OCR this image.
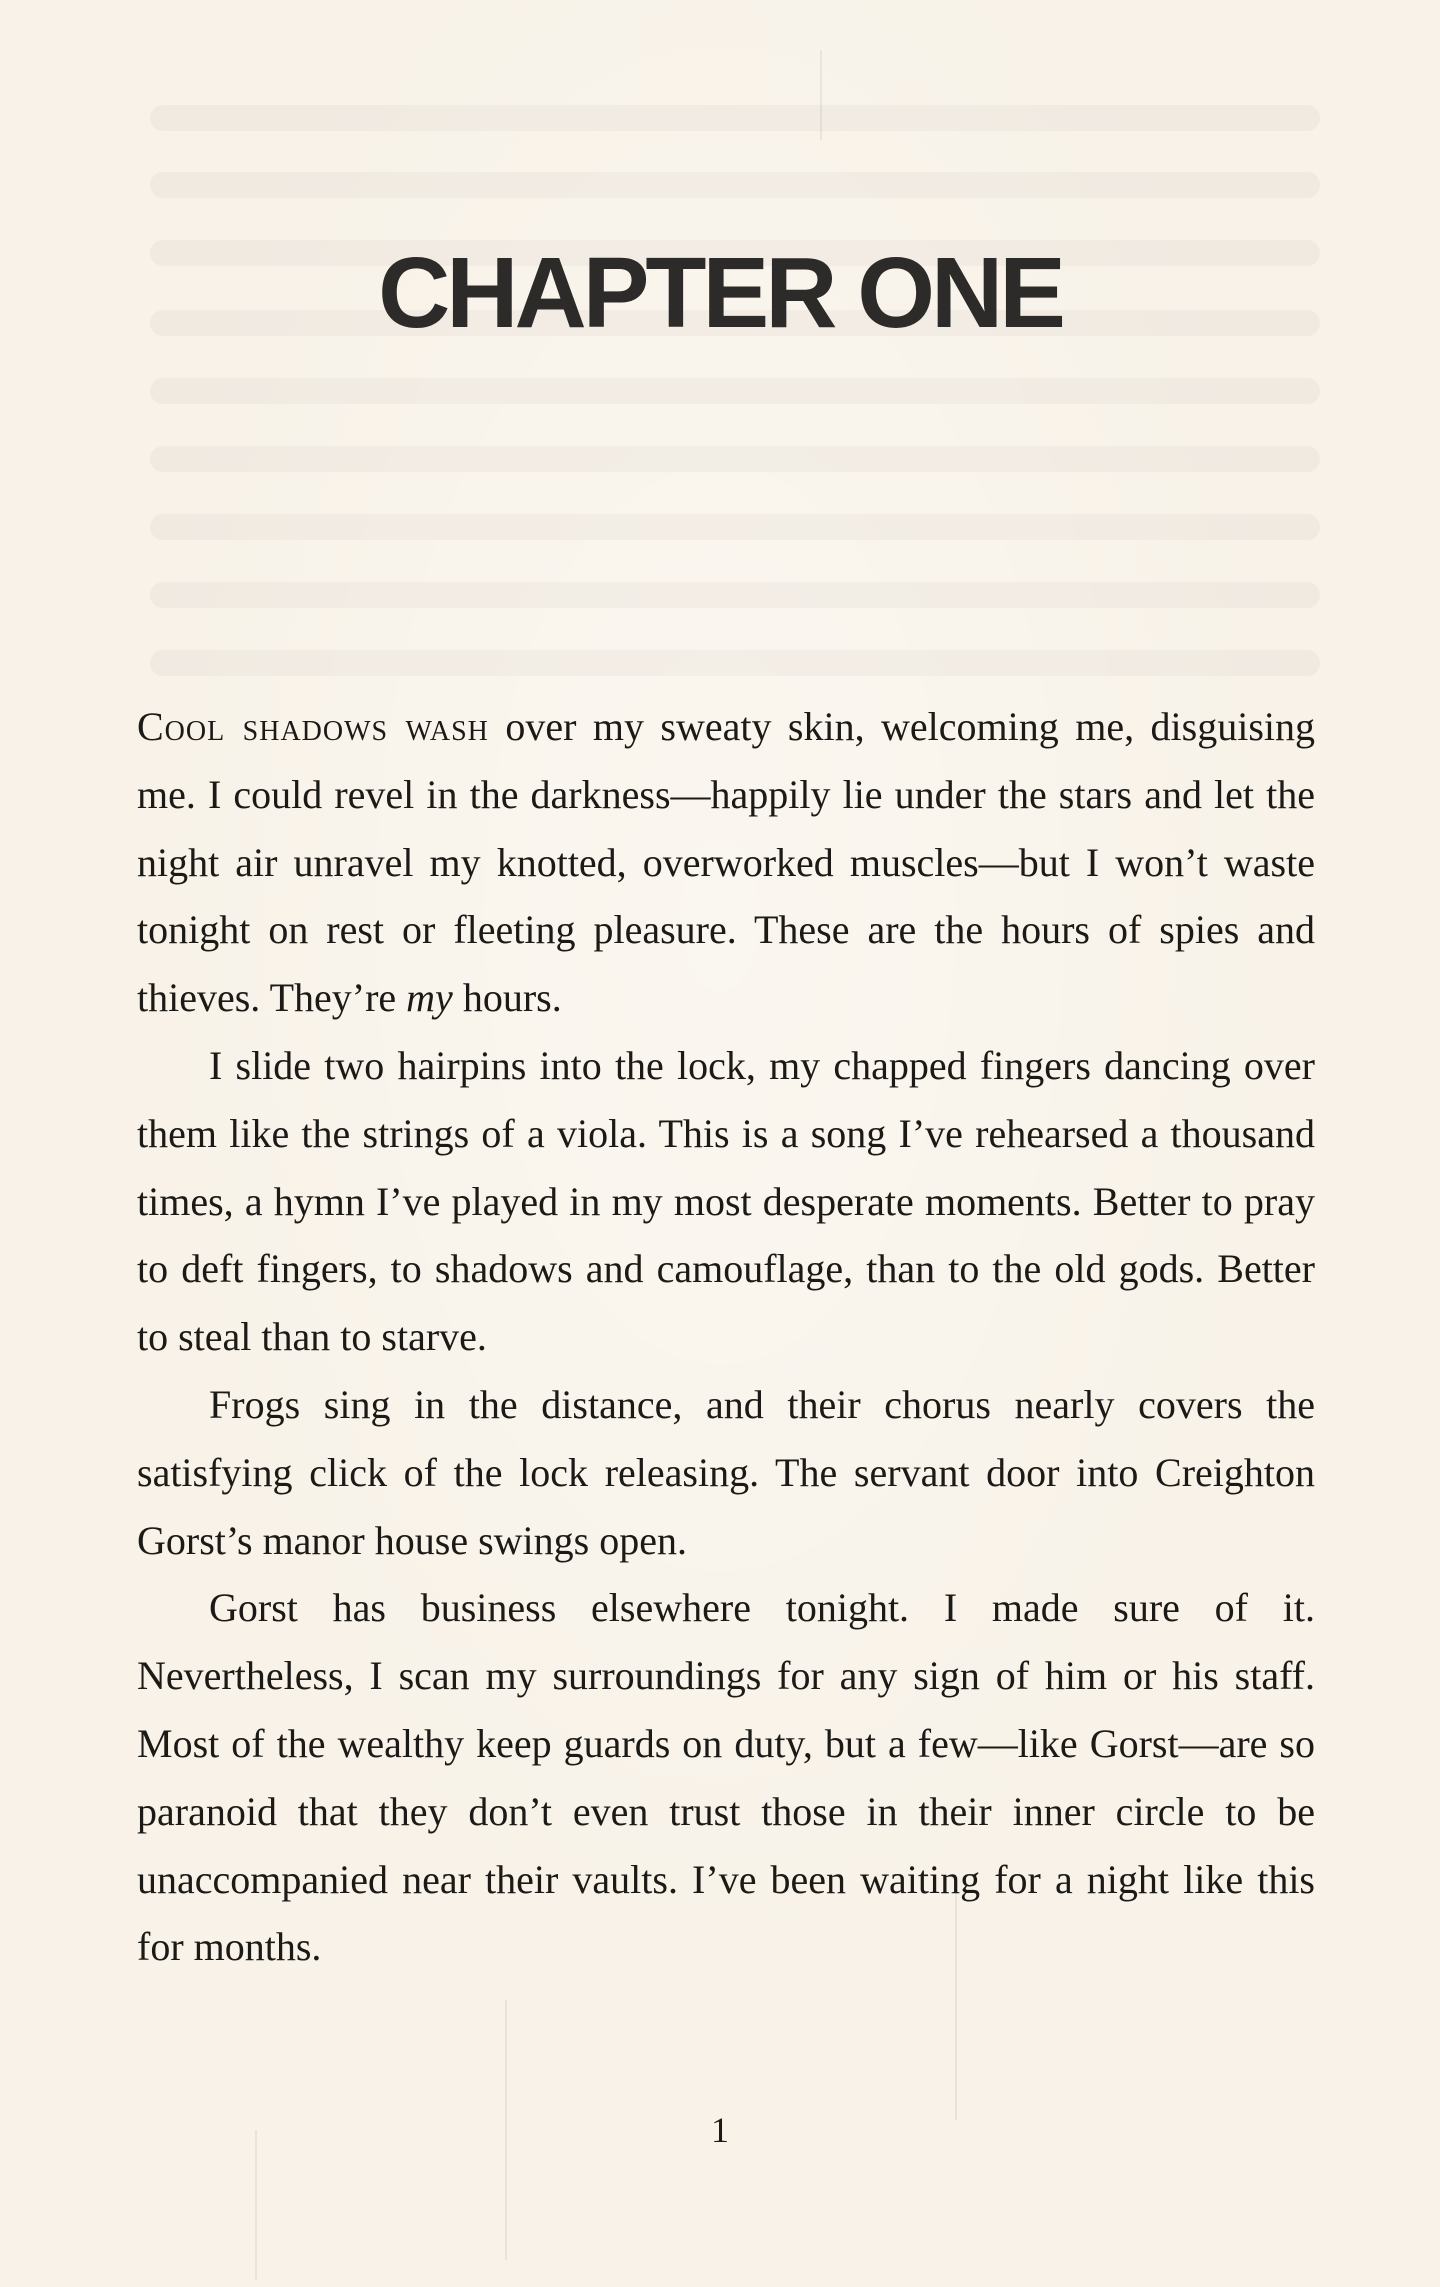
CHAPTER ONE

Cool shadows wash over my sweaty skin, welcoming me, disguising me. I could revel in the darkness—happily lie under the stars and let the night air unravel my knotted, overworked muscles—but I won’t waste tonight on rest or fleeting pleasure. These are the hours of spies and thieves. They’re my hours.

I slide two hairpins into the lock, my chapped fingers dancing over them like the strings of a viola. This is a song I’ve rehearsed a thousand times, a hymn I’ve played in my most desperate moments. Better to pray to deft fingers, to shadows and camouflage, than to the old gods. Better to steal than to starve.

Frogs sing in the distance, and their chorus nearly covers the satisfying click of the lock releasing. The servant door into Creighton Gorst’s manor house swings open.

Gorst has business elsewhere tonight. I made sure of it. Nevertheless, I scan my surroundings for any sign of him or his staff. Most of the wealthy keep guards on duty, but a few—like Gorst—are so paranoid that they don’t even trust those in their inner circle to be unaccompanied near their vaults. I’ve been waiting for a night like this for months.

1
